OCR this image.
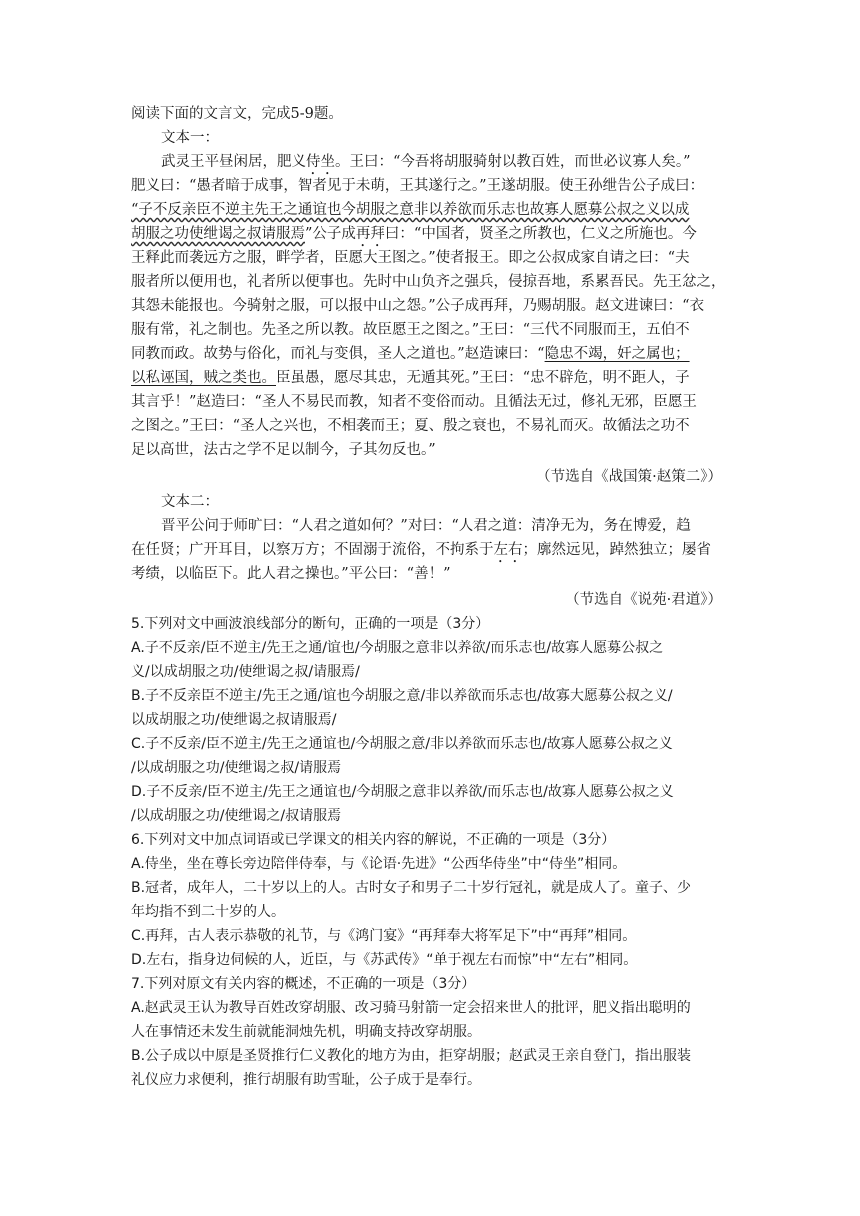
阅读下面的文言文，完成5-9题。
文本一：
武灵王平昼闲居，肥义侍坐。王曰：“今吾将胡服骑射以教百姓，而世必议寡人矣。”
肥义曰：“愚者暗于成事，智者见于未萌，王其遂行之。”王遂胡服。使王孙绁告公子成曰：
“子不反亲臣不逆主先王之通谊也今胡服之意非以养欲而乐志也故寡人愿募公叔之义以成
胡服之功使绁谒之叔请服焉”公子成再拜曰：“中国者，贤圣之所教也，仁义之所施也。今
王释此而袭远方之服，畔学者，臣愿大王图之。”使者报王。即之公叔成家自请之曰：“夫
服者所以便用也，礼者所以便事也。先时中山负齐之强兵，侵掠吾地，系累吾民。先王忿之，
其怨未能报也。今骑射之服，可以报中山之怨。”公子成再拜，乃赐胡服。赵文进谏曰：“衣
服有常，礼之制也。先圣之所以教。故臣愿王之图之。”王曰：“三代不同服而王，五伯不
同教而政。故势与俗化，而礼与变俱，圣人之道也。”赵造谏曰：“隐忠不竭，奸之属也；
以私诬国，贼之类也。臣虽愚，愿尽其忠，无遁其死。”王曰：“忠不辟危，明不距人，子
其言乎！”赵造曰：“圣人不易民而教，知者不变俗而动。且循法无过，修礼无邪，臣愿王
之图之。”王曰：“圣人之兴也，不相袭而王；夏、殷之衰也，不易礼而灭。故循法之功不
足以高世，法古之学不足以制今，子其勿反也。”
（节选自《战国策·赵策二》）
文本二：
晋平公问于师旷曰：“人君之道如何？”对曰：“人君之道：清净无为，务在博爱，趋
在任贤；广开耳目，以察万方；不固溺于流俗，不拘系于左右；廓然远见，踔然独立；屡省
考绩，以临臣下。此人君之操也。”平公曰：“善！”
（节选自《说苑·君道》）
5.下列对文中画波浪线部分的断句，正确的一项是（3分）
A.子不反亲/臣不逆主/先王之通/谊也/今胡服之意非以养欲/而乐志也/故寡人愿募公叔之
义/以成胡服之功/使绁谒之叔/请服焉/
B.子不反亲臣不逆主/先王之通/谊也今胡服之意/非以养欲而乐志也/故寡大愿募公叔之义/
以成胡服之功/使绁谒之叔请服焉/
C.子不反亲/臣不逆主/先王之通谊也/今胡服之意/非以养欲而乐志也/故寡人愿募公叔之义
/以成胡服之功/使绁谒之叔/请服焉
D.子不反亲/臣不逆主/先王之通谊也/今胡服之意非以养欲/而乐志也/故寡人愿募公叔之义
/以成胡服之功/使绁谒之/叔请服焉
6.下列对文中加点词语或已学课文的相关内容的解说，不正确的一项是（3分）
A.侍坐，坐在尊长旁边陪伴侍奉，与《论语·先进》“公西华侍坐”中“侍坐”相同。
B.冠者，成年人，二十岁以上的人。古时女子和男子二十岁行冠礼，就是成人了。童子、少
年均指不到二十岁的人。
C.再拜，古人表示恭敬的礼节，与《鸿门宴》“再拜奉大将军足下”中“再拜”相同。
D.左右，指身边伺候的人，近臣，与《苏武传》“单于视左右而惊”中“左右”相同。
7.下列对原文有关内容的概述，不正确的一项是（3分）
A.赵武灵王认为教导百姓改穿胡服、改习骑马射箭一定会招来世人的批评，肥义指出聪明的
人在事情还未发生前就能洞烛先机，明确支持改穿胡服。
B.公子成以中原是圣贤推行仁义教化的地方为由，拒穿胡服；赵武灵王亲自登门，指出服装
礼仪应力求便利，推行胡服有助雪耻，公子成于是奉行。
